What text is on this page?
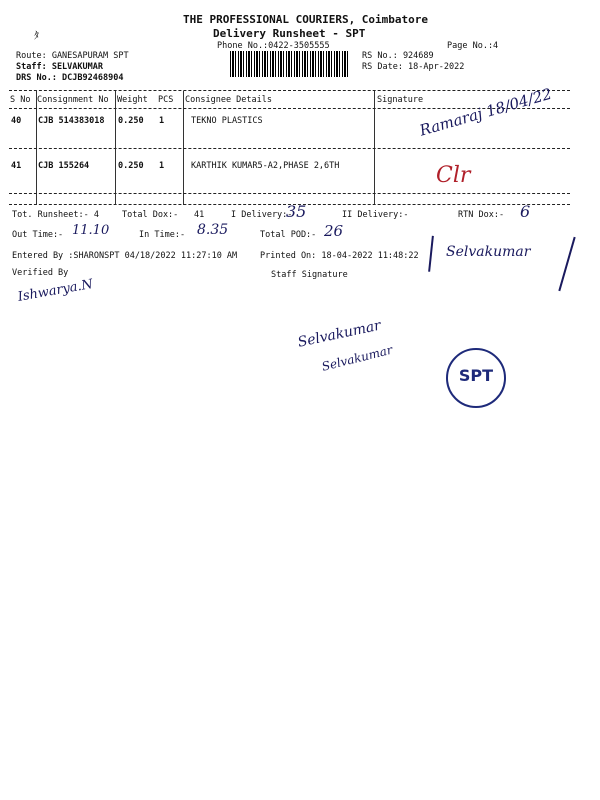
ﾀ
THE PROFESSIONAL COURIERS, Coimbatore
Delivery Runsheet - SPT
Phone No.:0422-3505555	Page No.:4
Route: GANESAPURAM SPT
Staff: SELVAKUMAR
DRS No.: DCJB92468904
RS No.: 924689
RS Date: 18-Apr-2022
S No Consignment No Weight PCS Consignee Details	Signature
40 CJB 514383018 0.250 1	TEKNO PLASTICS	Ramaraj 18/04/22
41 CJB 155264	0.250 1	KARTHIK KUMAR5-A2,PHASE 2,6TH	Clr
Tot. Runsheet:- 4	Total Dox:- 41	I Delivery:-
35	II Delivery:-	RTN Dox:- 6
Out Time:- 11.10	In Time:- 8.35	Total POD:- 26
Entered By :SHARONSPT 04/18/2022 11:27:10 AM	Printed On: 18-04-2022 11:48:22
Verified By	Staff Signature
Ishwarya.N
Selvakumar
Selvakumar
Selvakumar
SPT
